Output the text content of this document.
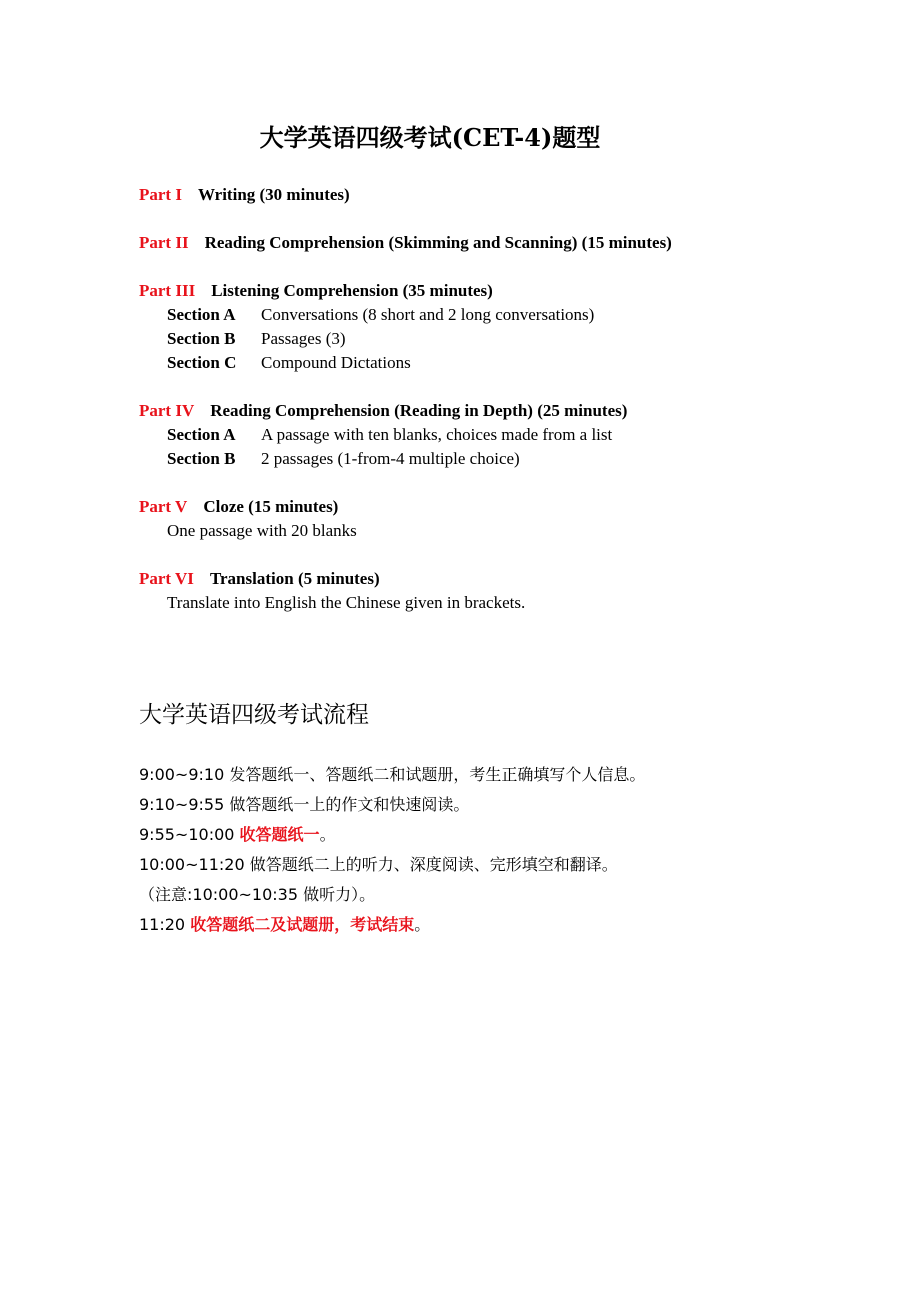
大学英语四级考试(CET-4)题型
Part I Writing (30 minutes)
Part II Reading Comprehension (Skimming and Scanning) (15 minutes)
Part III Listening Comprehension (35 minutes)
Section A Conversations (8 short and 2 long conversations)
Section B Passages (3)
Section C Compound Dictations
Part IV Reading Comprehension (Reading in Depth) (25 minutes)
Section A A passage with ten blanks, choices made from a list
Section B 2 passages (1-from-4 multiple choice)
Part V Cloze (15 minutes)
One passage with 20 blanks
Part VI Translation (5 minutes)
Translate into English the Chinese given in brackets.
大学英语四级考试流程
9:00~9:10 发答题纸一、答题纸二和试题册，考生正确填写个人信息。
9:10~9:55 做答题纸一上的作文和快速阅读。
9:55~10:00 收答题纸一。
10:00~11:20 做答题纸二上的听力、深度阅读、完形填空和翻译。
（注意:10:00~10:35 做听力）。
11:20 收答题纸二及试题册，考试结束。
